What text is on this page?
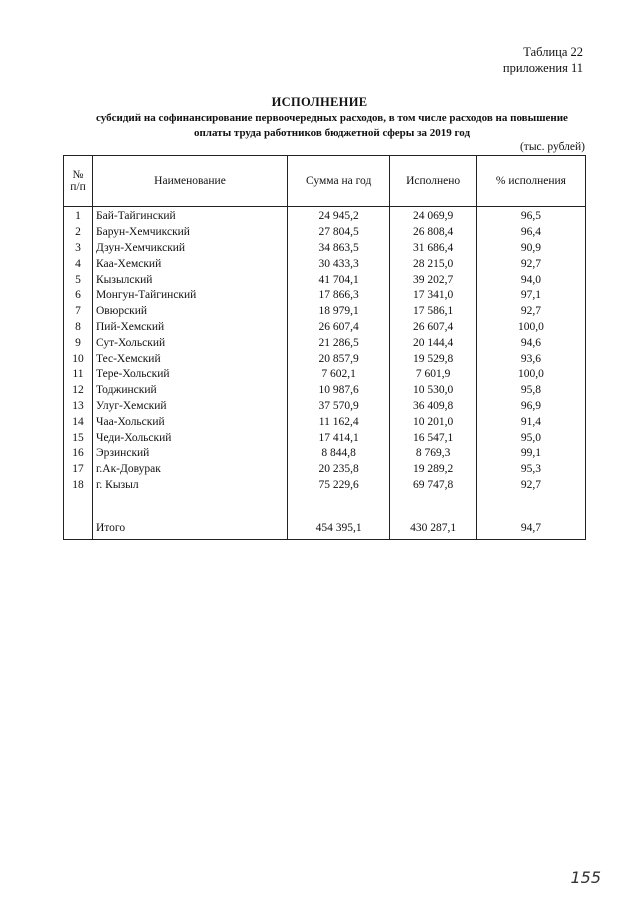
Таблица 22
приложения 11
ИСПОЛНЕНИЕ
субсидий на софинансирование первоочередных расходов, в том числе расходов на повышение
оплаты труда работников бюджетной сферы за 2019 год
(тыс. рублей)
№
п/п	Наименование	Сумма на год	Исполнено	% исполнения
1	Бай-Тайгинский	24 945,2	24 069,9	96,5
2	Барун-Хемчикский	27 804,5	26 808,4	96,4
3	Дзун-Хемчикский	34 863,5	31 686,4	90,9
4	Каа-Хемский	30 433,3	28 215,0	92,7
5	Кызылский	41 704,1	39 202,7	94,0
6	Монгун-Тайгинский	17 866,3	17 341,0	97,1
7	Овюрский	18 979,1	17 586,1	92,7
8	Пий-Хемский	26 607,4	26 607,4	100,0
9	Сут-Хольский	21 286,5	20 144,4	94,6
10	Тес-Хемский	20 857,9	19 529,8	93,6
11	Тере-Хольский	7 602,1	7 601,9	100,0
12	Тоджинский	10 987,6	10 530,0	95,8
13	Улуг-Хемский	37 570,9	36 409,8	96,9
14	Чаа-Хольский	11 162,4	10 201,0	91,4
15	Чеди-Хольский	17 414,1	16 547,1	95,0
16	Эрзинский	8 844,8	8 769,3	99,1
17	г.Ак-Довурак	20 235,8	19 289,2	95,3
18	г. Кызыл	75 229,6	69 747,8	92,7

	Итого	454 395,1	430 287,1	94,7
155
